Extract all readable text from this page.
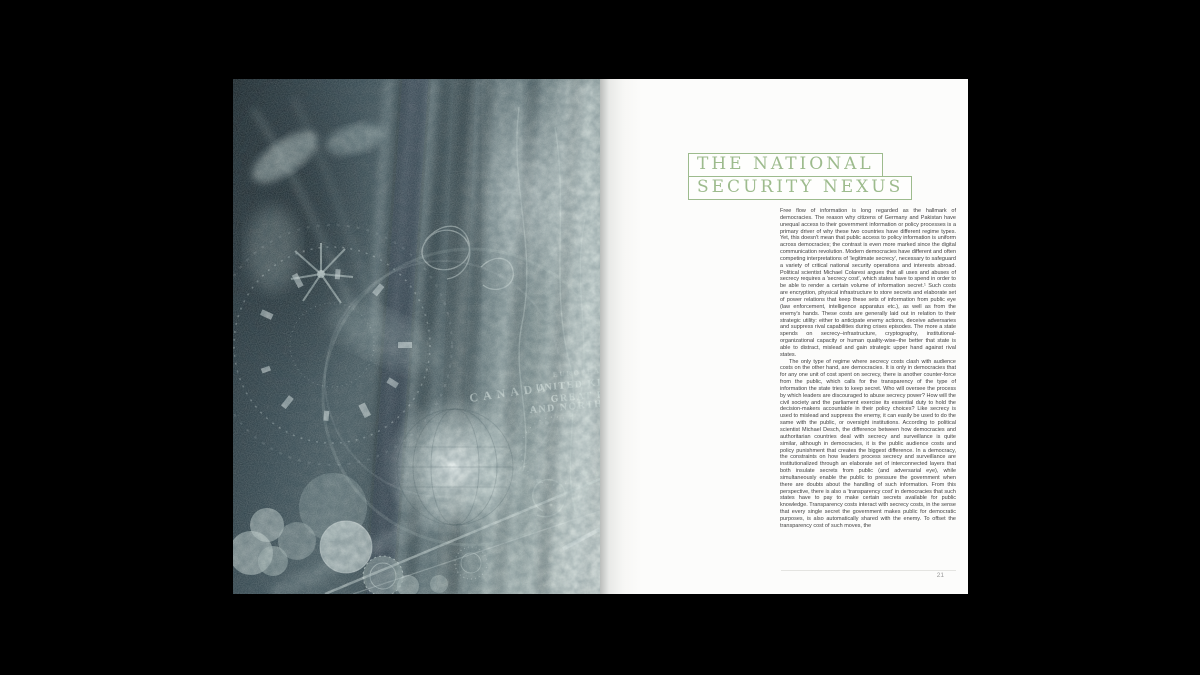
THE NATIONAL
SECURITY NEXUS

Free flow of information is long regarded as the hallmark of democracies. The reason why citizens of Germany and Pakistan have unequal access to their government information or policy processes is a primary driver of why these two countries have different regime types. Yet, this doesn't mean that public access to policy information is uniform across democracies; the contrast is even more marked since the digital communication revolution. Modern democracies have different and often competing interpretations of 'legitimate secrecy', necessary to safeguard a variety of critical national security operations and interests abroad. Political scientist Michael Colaresi argues that all uses and abuses of secrecy requires a 'secrecy cost', which states have to spend in order to be able to render a certain volume of information secret.¹ Such costs are encryption, physical infrastructure to store secrets and elaborate set of power relations that keep these sets of information from public eye (law enforcement, intelligence apparatus etc.), as well as from the enemy's hands. These costs are generally laid out in relation to their strategic utility: either to anticipate enemy actions, deceive adversaries and suppress rival capabilities during crises episodes. The more a state spends on secrecy–infrastructure, cryptography, institutional-organizational capacity or human quality-wise–the better that state is able to distract, mislead and gain strategic upper hand against rival states.

The only type of regime where secrecy costs clash with audience costs on the other hand, are democracies. It is only in democracies that for any one unit of cost spent on secrecy, there is another counter-force from the public, which calls for the transparency of the type of information the state tries to keep secret. Who will oversee the process by which leaders are discouraged to abuse secrecy power? How will the civil society and the parliament exercise its essential duty to hold the decision-makers accountable in their policy choices? Like secrecy is used to mislead and suppress the enemy, it can easily be used to do the same with the public, or oversight institutions. According to political scientist Michael Desch, the difference between how democracies and authoritarian countries deal with secrecy and surveillance is quite similar, although in democracies, it is the public audience costs and policy punishment that creates the biggest difference. In a democracy, the constraints on how leaders process secrecy and surveillance are institutionalized through an elaborate set of interconnected layers that both insulate secrets from public (and adversarial eye), while simultaneously enable the public to pressure the government when there are doubts about the handling of such information. From this perspective, there is also a 'transparency cost' in democracies that such states have to pay to make certain secrets available for public knowledge. Transparency costs interact with secrecy costs, in the sense that every single secret the government makes public for democratic purposes, is also automatically shared with the enemy. To offset the transparency cost of such moves, the

21
